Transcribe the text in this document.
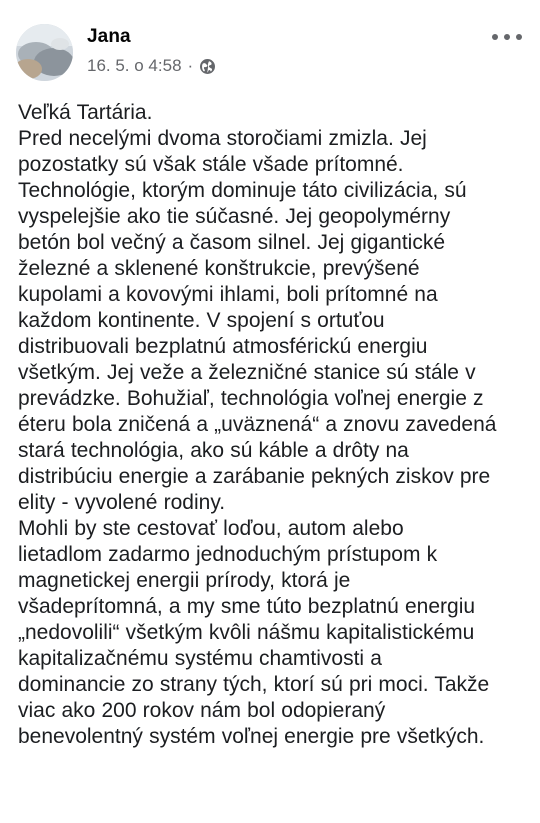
Jana
16. 5. o 4:58 ·
Veľká Tartária.
Pred necelými dvoma storočiami zmizla. Jej
pozostatky sú však stále všade prítomné.
Technológie, ktorým dominuje táto civilizácia, sú
vyspelejšie ako tie súčasné. Jej geopolymérny
betón bol večný a časom silnel. Jej gigantické
železné a sklenené konštrukcie, prevýšené
kupolami a kovovými ihlami, boli prítomné na
každom kontinente. V spojení s ortuťou
distribuovali bezplatnú atmosférickú energiu
všetkým. Jej veže a železničné stanice sú stále v
prevádzke. Bohužiaľ, technológia voľnej energie z
éteru bola zničená a „uväznená“ a znovu zavedená
stará technológia, ako sú káble a drôty na
distribúciu energie a zarábanie pekných ziskov pre
elity - vyvolené rodiny.
Mohli by ste cestovať loďou, autom alebo
lietadlom zadarmo jednoduchým prístupom k
magnetickej energii prírody, ktorá je
všadeprítomná, a my sme túto bezplatnú energiu
„nedovolili“ všetkým kvôli nášmu kapitalistickému
kapitalizačnému systému chamtivosti a
dominancie zo strany tých, ktorí sú pri moci. Takže
viac ako 200 rokov nám bol odopieraný
benevolentný systém voľnej energie pre všetkých.
